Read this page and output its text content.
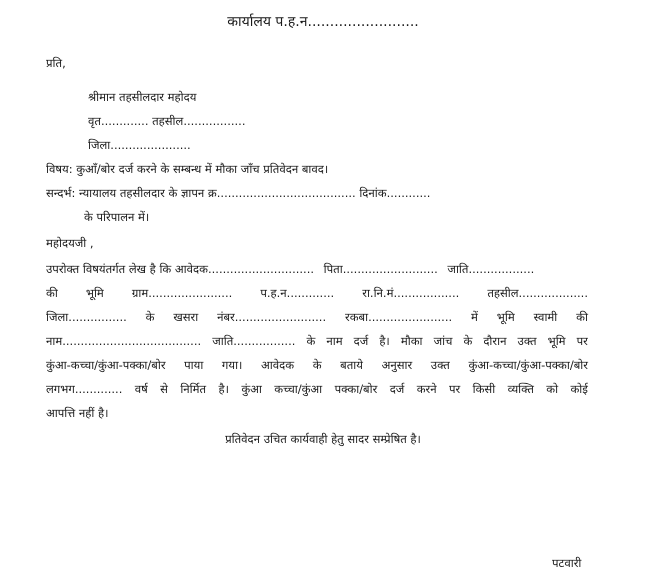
कार्यालय प.ह.न.........................
प्रति,
श्रीमान तहसीलदार महोदय
वृत............. तहसील.................
जिला......................
विषय: कुआँ/बोर दर्ज करने के सम्बन्ध में मौका जाँच प्रतिवेदन बावद।
सन्दर्भ: न्यायालय तहसीलदार के ज्ञापन क्र...................................... दिनांक............
के परिपालन में।
महोदयजी ,
उपरोक्त विषयंतर्गत लेख है कि आवेदक............................. पिता.......................... जाति..................
की भूमि ग्राम....................... प.ह.न............. रा.नि.मं.................. तहसील...................
जिला................ के खसरा नंबर......................... रकबा....................... में भूमि स्वामी की
नाम...................................... जाति................. के नाम दर्ज है। मौका जांच के दौरान उक्त भूमि पर
कुंआ-कच्चा/कुंआ-पक्का/बोर पाया गया। आवेदक के बताये अनुसार उक्त कुंआ-कच्चा/कुंआ-पक्का/बोर
लगभग............. वर्ष से निर्मित है। कुंआ कच्चा/कुंआ पक्का/बोर दर्ज करने पर किसी व्यक्ति को कोई
आपत्ति नहीं है।
प्रतिवेदन उचित कार्यवाही हेतु सादर सम्प्रेषित है।
पटवारी
